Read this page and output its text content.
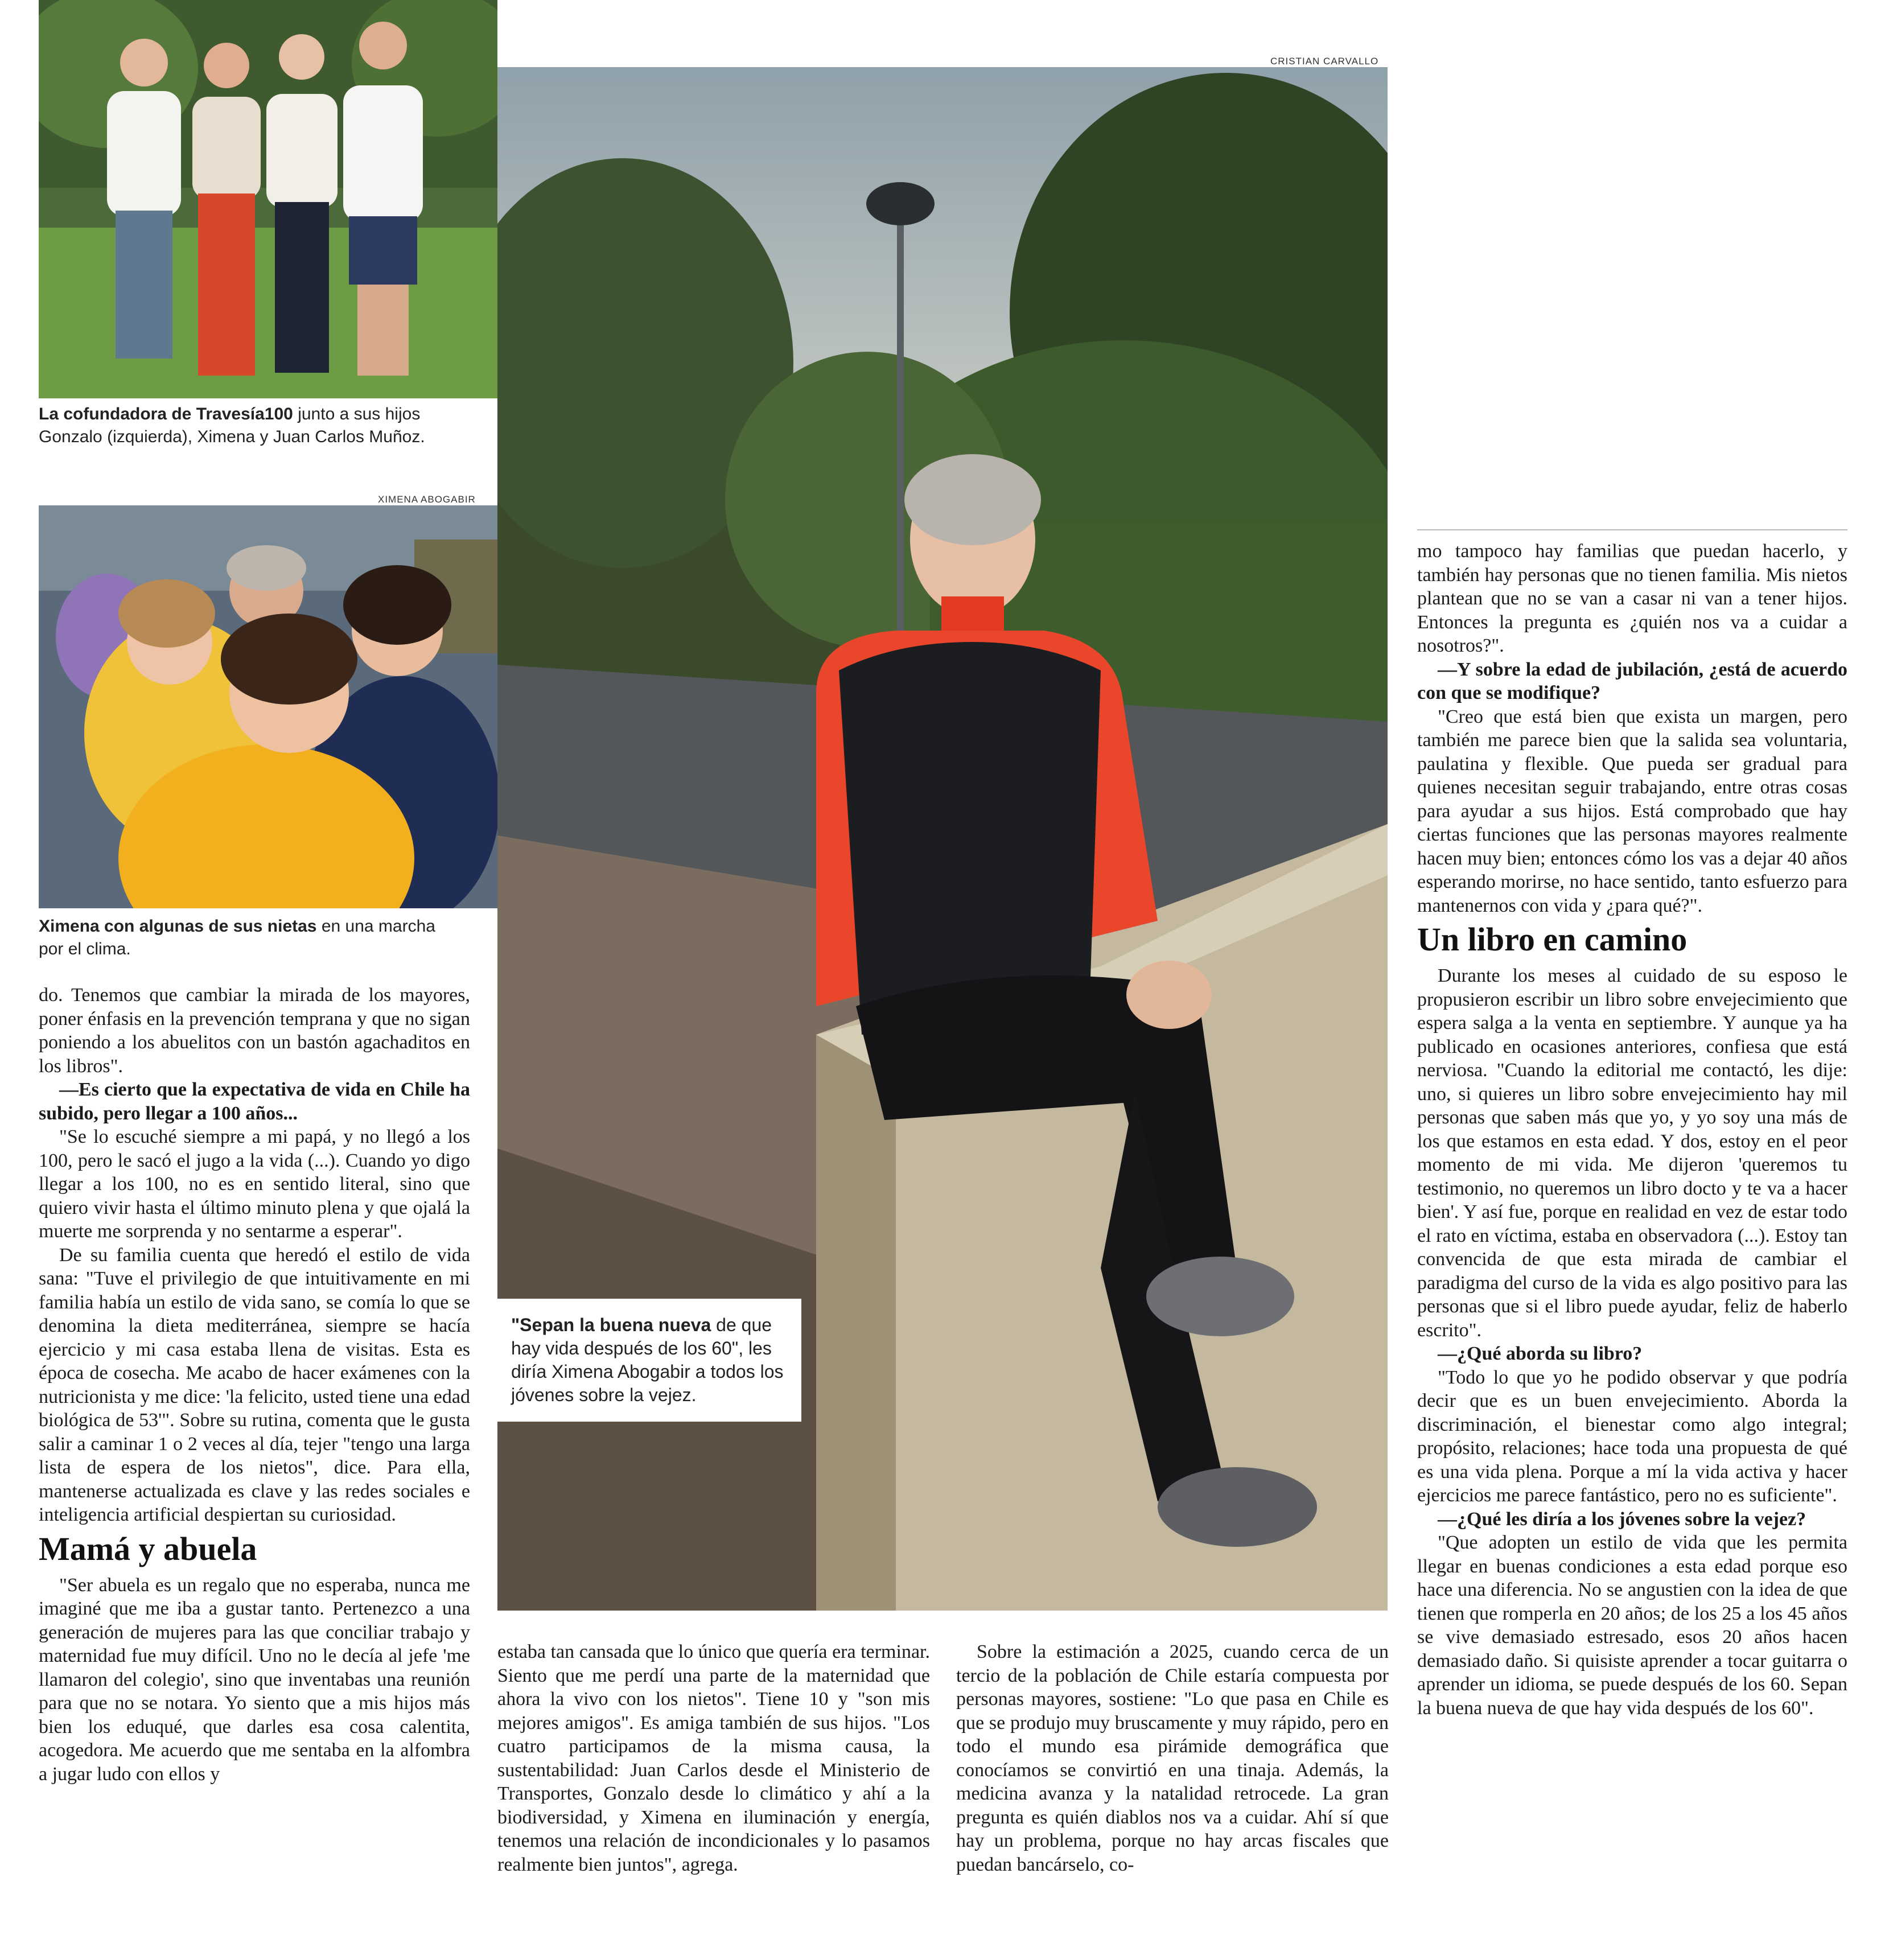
La cofundadora de Travesía100 junto a sus hijos Gonzalo (izquierda), Ximena y Juan Carlos Muñoz.
XIMENA ABOGABIR
Ximena con algunas de sus nietas en una marcha por el clima.
CRISTIAN CARVALLO
"Sepan la buena nueva de que hay vida después de los 60", les diría Ximena Abogabir a todos los jóvenes sobre la vejez.

do. Tenemos que cambiar la mirada de los mayores, poner énfasis en la prevención temprana y que no sigan poniendo a los abuelitos con un bastón agachaditos en los libros".

—Es cierto que la expectativa de vida en Chile ha subido, pero llegar a 100 años...

"Se lo escuché siempre a mi papá, y no llegó a los 100, pero le sacó el jugo a la vida (...). Cuando yo digo llegar a los 100, no es en sentido literal, sino que quiero vivir hasta el último minuto plena y que ojalá la muerte me sorprenda y no sentarme a esperar".

De su familia cuenta que heredó el estilo de vida sana: "Tuve el privilegio de que intuitivamente en mi familia había un estilo de vida sano, se comía lo que se denomina la dieta mediterránea, siempre se hacía ejercicio y mi casa estaba llena de visitas. Esta es época de cosecha. Me acabo de hacer exámenes con la nutricionista y me dice: 'la felicito, usted tiene una edad biológica de 53'". Sobre su rutina, comenta que le gusta salir a caminar 1 o 2 veces al día, tejer "tengo una larga lista de espera de los nietos", dice. Para ella, mantenerse actualizada es clave y las redes sociales e inteligencia artificial despiertan su curiosidad.

Mamá y abuela

"Ser abuela es un regalo que no esperaba, nunca me imaginé que me iba a gustar tanto. Pertenezco a una generación de mujeres para las que conciliar trabajo y maternidad fue muy difícil. Uno no le decía al jefe 'me llamaron del colegio', sino que inventabas una reunión para que no se notara. Yo siento que a mis hijos más bien los eduqué, que darles esa cosa calentita, acogedora. Me acuerdo que me sentaba en la alfombra a jugar ludo con ellos y

estaba tan cansada que lo único que quería era terminar. Siento que me perdí una parte de la maternidad que ahora la vivo con los nietos". Tiene 10 y "son mis mejores amigos". Es amiga también de sus hijos. "Los cuatro participamos de la misma causa, la sustentabilidad: Juan Carlos desde el Ministerio de Transportes, Gonzalo desde lo climático y ahí a la biodiversidad, y Ximena en iluminación y energía, tenemos una relación de incondicionales y lo pasamos realmente bien juntos", agrega.

Sobre la estimación a 2025, cuando cerca de un tercio de la población de Chile estaría compuesta por personas mayores, sostiene: "Lo que pasa en Chile es que se produjo muy bruscamente y muy rápido, pero en todo el mundo esa pirámide demográfica que conocíamos se convirtió en una tinaja. Además, la medicina avanza y la natalidad retrocede. La gran pregunta es quién diablos nos va a cuidar. Ahí sí que hay un problema, porque no hay arcas fiscales que puedan bancárselo, co-

mo tampoco hay familias que puedan hacerlo, y también hay personas que no tienen familia. Mis nietos plantean que no se van a casar ni van a tener hijos. Entonces la pregunta es ¿quién nos va a cuidar a nosotros?".

—Y sobre la edad de jubilación, ¿está de acuerdo con que se modifique?

"Creo que está bien que exista un margen, pero también me parece bien que la salida sea voluntaria, paulatina y flexible. Que pueda ser gradual para quienes necesitan seguir trabajando, entre otras cosas para ayudar a sus hijos. Está comprobado que hay ciertas funciones que las personas mayores realmente hacen muy bien; entonces cómo los vas a dejar 40 años esperando morirse, no hace sentido, tanto esfuerzo para mantenernos con vida y ¿para qué?".

Un libro en camino

Durante los meses al cuidado de su esposo le propusieron escribir un libro sobre envejecimiento que espera salga a la venta en septiembre. Y aunque ya ha publicado en ocasiones anteriores, confiesa que está nerviosa. "Cuando la editorial me contactó, les dije: uno, si quieres un libro sobre envejecimiento hay mil personas que saben más que yo, y yo soy una más de los que estamos en esta edad. Y dos, estoy en el peor momento de mi vida. Me dijeron 'queremos tu testimonio, no queremos un libro docto y te va a hacer bien'. Y así fue, porque en realidad en vez de estar todo el rato en víctima, estaba en observadora (...). Estoy tan convencida de que esta mirada de cambiar el paradigma del curso de la vida es algo positivo para las personas que si el libro puede ayudar, feliz de haberlo escrito".

—¿Qué aborda su libro?

"Todo lo que yo he podido observar y que podría decir que es un buen envejecimiento. Aborda la discriminación, el bienestar como algo integral; propósito, relaciones; hace toda una propuesta de qué es una vida plena. Porque a mí la vida activa y hacer ejercicios me parece fantástico, pero no es suficiente".

—¿Qué les diría a los jóvenes sobre la vejez?

"Que adopten un estilo de vida que les permita llegar en buenas condiciones a esta edad porque eso hace una diferencia. No se angustien con la idea de que tienen que romperla en 20 años; de los 25 a los 45 años se vive demasiado estresado, esos 20 años hacen demasiado daño. Si quisiste aprender a tocar guitarra o aprender un idioma, se puede después de los 60. Sepan la buena nueva de que hay vida después de los 60".
